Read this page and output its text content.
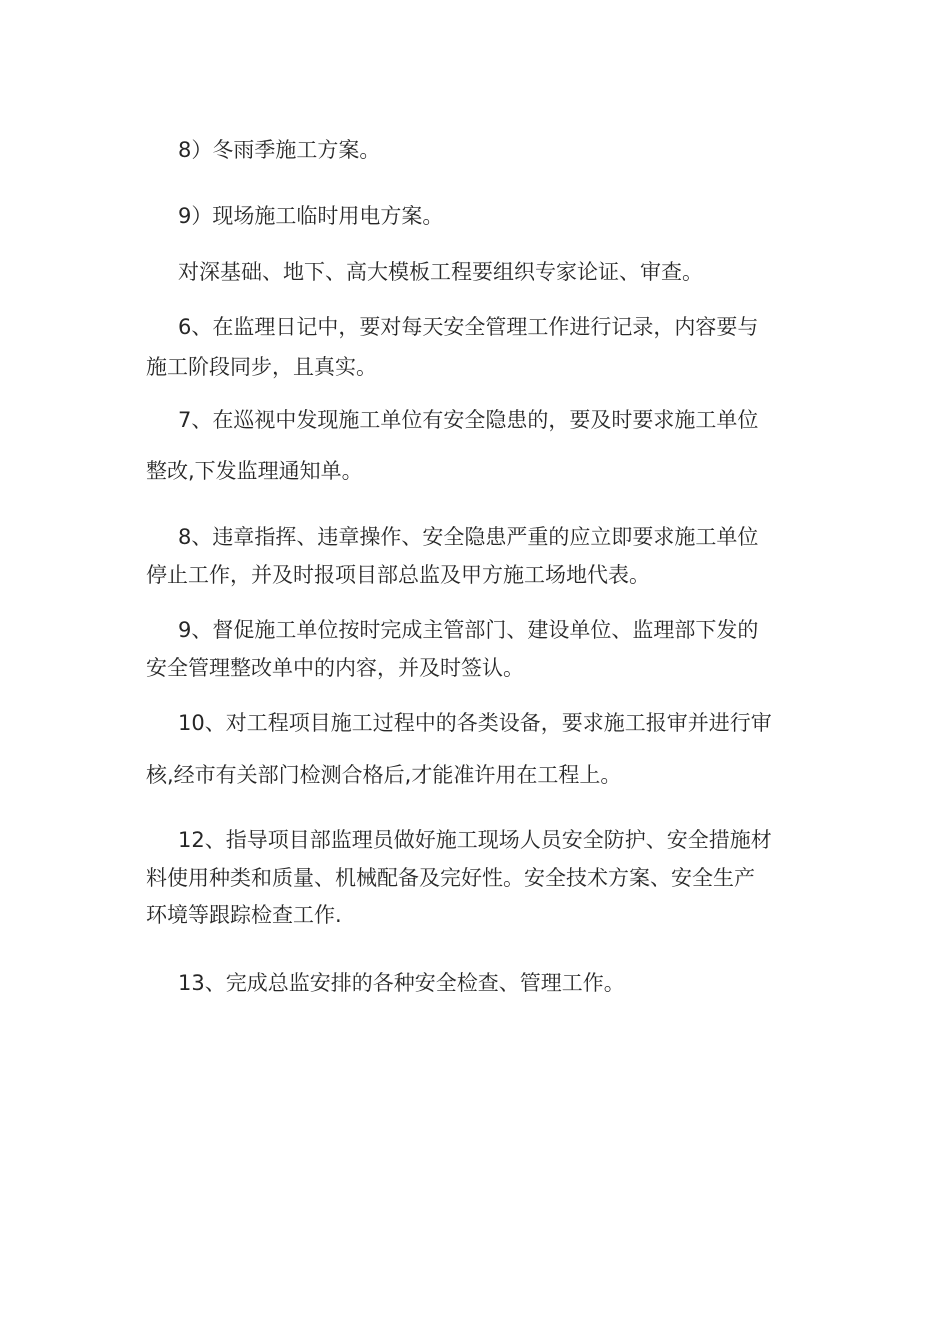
8）冬雨季施工方案。

9）现场施工临时用电方案。

对深基础、地下、高大模板工程要组织专家论证、审查。

6、在监理日记中，要对每天安全管理工作进行记录，内容要与
施工阶段同步，且真实。

7、在巡视中发现施工单位有安全隐患的，要及时要求施工单位
整改,下发监理通知单。

8、违章指挥、违章操作、安全隐患严重的应立即要求施工单位
停止工作，并及时报项目部总监及甲方施工场地代表。

9、督促施工单位按时完成主管部门、建设单位、监理部下发的
安全管理整改单中的内容，并及时签认。

10、对工程项目施工过程中的各类设备，要求施工报审并进行审
核,经市有关部门检测合格后,才能准许用在工程上。

12、指导项目部监理员做好施工现场人员安全防护、安全措施材
料使用种类和质量、机械配备及完好性。安全技术方案、安全生产
环境等跟踪检查工作.

13、完成总监安排的各种安全检查、管理工作。
